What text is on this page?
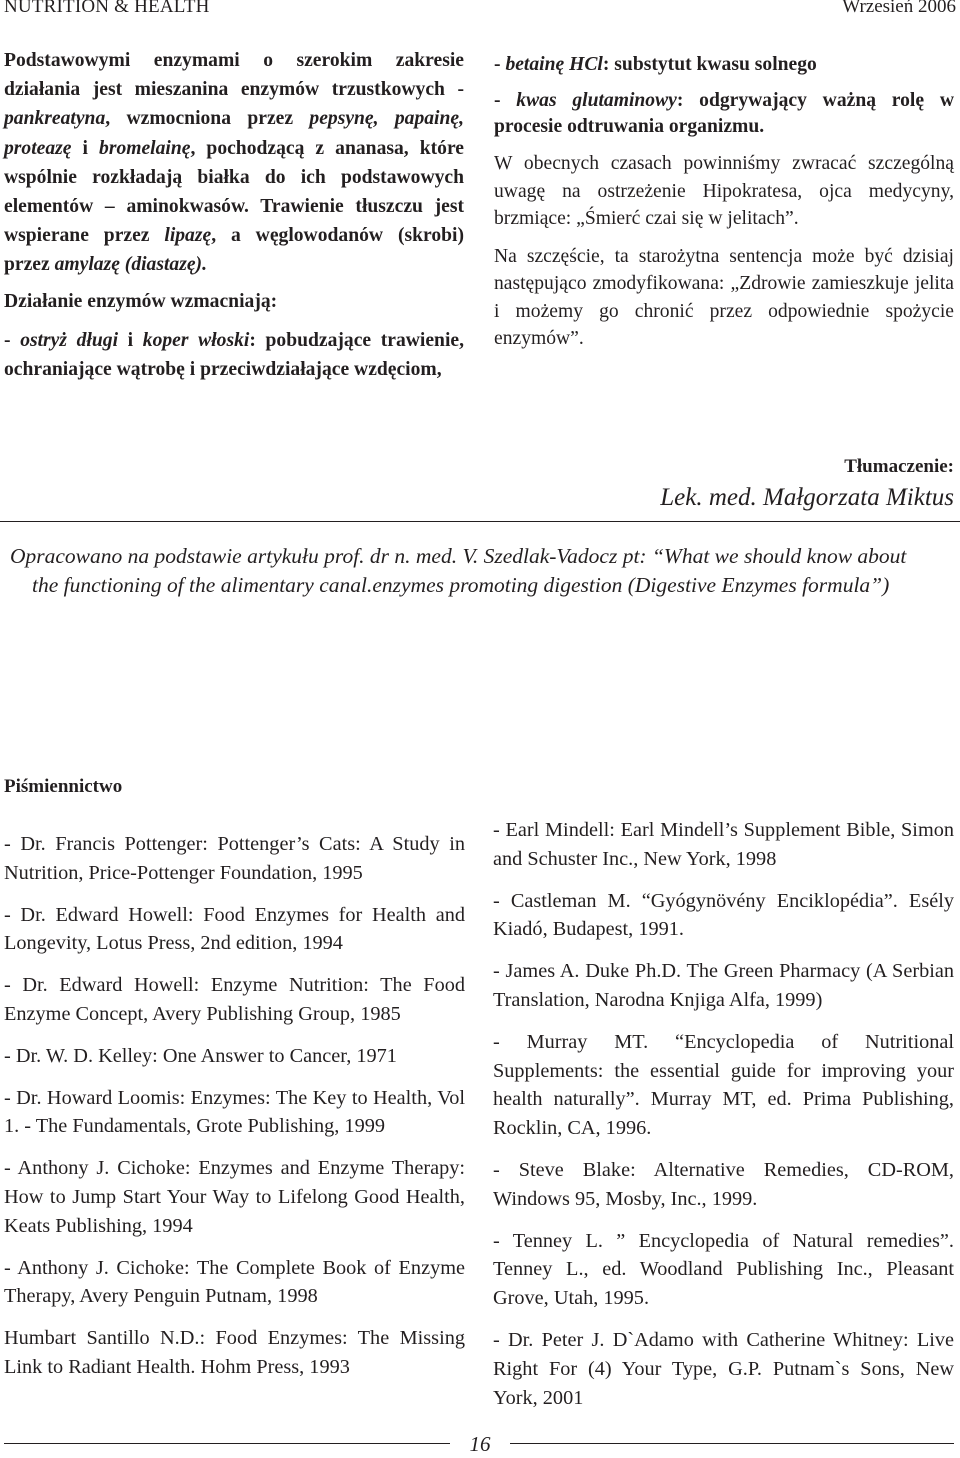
NUTRITION & HEALTH	Wrzesień 2006

Podstawowymi enzymami o szerokim zakresie działania jest mieszanina enzymów trzustkowych - pankreatyna, wzmocniona przez pepsynę, papainę, proteazę i bromelainę, pochodzącą z ananasa, które wspólnie rozkładają białka do ich podstawowych elementów – aminokwasów. Trawienie tłuszczu jest wspierane przez lipazę, a węglowodanów (skrobi) przez amylazę (diastazę).

Działanie enzymów wzmacniają:

- ostryż długi i koper włoski: pobudzające trawienie, ochraniające wątrobę i przeciwdziałające wzdęciom,

- betainę HCl: substytut kwasu solnego

- kwas glutaminowy: odgrywający ważną rolę w procesie odtruwania organizmu.

W obecnych czasach powinniśmy zwracać szczególną uwagę na ostrzeżenie Hipokratesa, ojca medycyny, brzmiące: „Śmierć czai się w jelitach”.

Na szczęście, ta starożytna sentencja może być dzisiaj następująco zmodyfikowana: „Zdrowie zamieszkuje jelita i możemy go chronić przez odpowiednie spożycie enzymów”.

Tłumaczenie:
Lek. med. Małgorzata Miktus
Opracowano na podstawie artykułu prof. dr n. med. V. Szedlak-Vadocz pt: “What we should know about
the functioning of the alimentary canal.enzymes promoting digestion (Digestive Enzymes formula”)
Piśmiennictwo

- Dr. Francis Pottenger: Pottenger’s Cats: A Study in Nutrition, Price-Pottenger Foundation, 1995

- Dr. Edward Howell: Food Enzymes for Health and Longevity, Lotus Press, 2nd edition, 1994

- Dr. Edward Howell: Enzyme Nutrition: The Food Enzyme Concept, Avery Publishing Group, 1985

- Dr. W. D. Kelley: One Answer to Cancer, 1971

- Dr. Howard Loomis: Enzymes: The Key to Health, Vol 1. - The Fundamentals, Grote Publishing, 1999

- Anthony J. Cichoke: Enzymes and Enzyme Therapy: How to Jump Start Your Way to Lifelong Good Health, Keats Publishing, 1994

- Anthony J. Cichoke: The Complete Book of Enzyme Therapy, Avery Penguin Putnam, 1998

Humbart Santillo N.D.: Food Enzymes: The Missing Link to Radiant Health. Hohm Press, 1993

- Earl Mindell: Earl Mindell’s Supplement Bible, Simon and Schuster Inc., New York, 1998

- Castleman M. “Gyógynövény Enciklopédia”. Esély Kiadó, Budapest, 1991.

- James A. Duke Ph.D. The Green Pharmacy (A Serbian Translation, Narodna Knjiga Alfa, 1999)

- Murray MT. “Encyclopedia of Nutritional Supplements: the essential guide for improving your health naturally”. Murray MT, ed. Prima Publishing, Rocklin, CA, 1996.

- Steve Blake: Alternative Remedies, CD-ROM, Windows 95, Mosby, Inc., 1999.

- Tenney L. ” Encyclopedia of Natural remedies”. Tenney L., ed. Woodland Publishing Inc., Pleasant Grove, Utah, 1995.

- Dr. Peter J. D`Adamo with Catherine Whitney: Live Right For (4) Your Type, G.P. Putnam`s Sons, New York, 2001

16
